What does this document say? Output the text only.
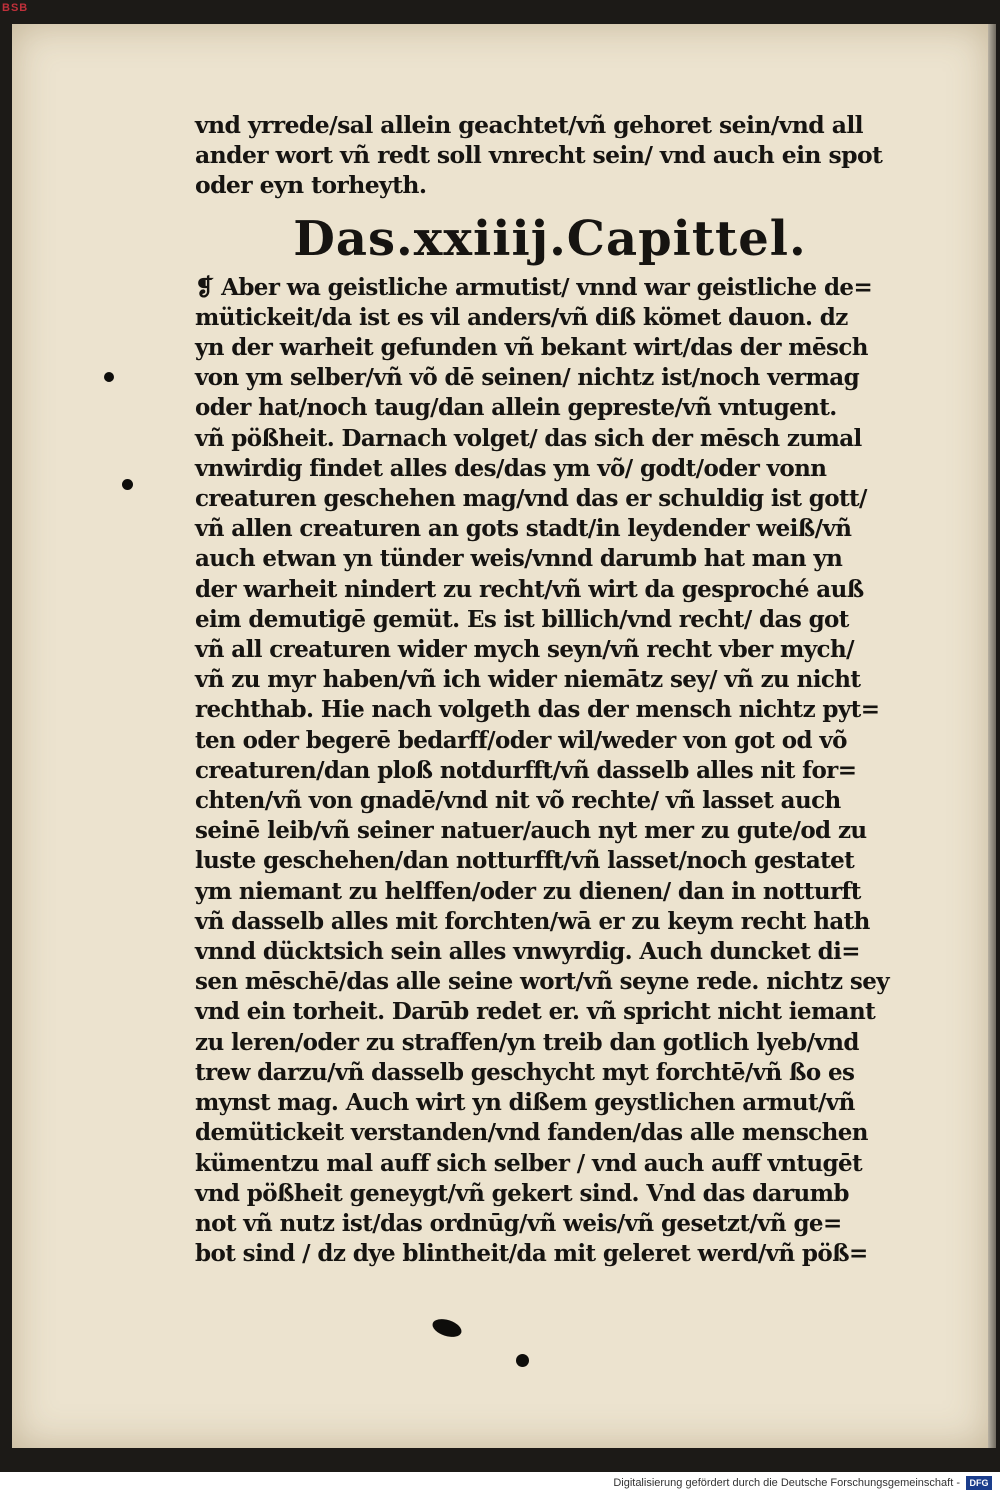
BSB
vnd yrrede/sal allein geachtet/vñ gehoret sein/vnd all
ander wort vñ redt soll vnrecht sein/ vnd auch ein spot
oder eyn torheyth.
Das.xxiiij.Capittel.
❡ Aber wa geistliche armutist/ vnnd war geistliche de=
mütickeit/da ist es vil anders/vñ diß kömet dauon. dz
yn der warheit gefunden vñ bekant wirt/das der mēsch
von ym selber/vñ võ dē seinen/ nichtz ist/noch vermag
oder hat/noch taug/dan allein gepreste/vñ vntugent.
vñ pößheit. Darnach volget/ das sich der mēsch zumal
vnwirdig findet alles des/das ym võ/ godt/oder vonn
creaturen geschehen mag/vnd das er schuldig ist gott/
vñ allen creaturen an gots stadt/in leydender weiß/vñ
auch etwan yn tünder weis/vnnd darumb hat man yn
der warheit nindert zu recht/vñ wirt da gesproché auß
eim demutigē gemüt. Es ist billich/vnd recht/ das got
vñ all creaturen wider mych seyn/vñ recht vber mych/
vñ zu myr haben/vñ ich wider niemātz sey/ vñ zu nicht
rechthab. Hie nach volgeth das der mensch nichtz pyt=
ten oder begerē bedarff/oder wil/weder von got od võ
creaturen/dan ploß notdurfft/vñ dasselb alles nit for=
chten/vñ von gnadē/vnd nit võ rechte/ vñ lasset auch
seinē leib/vñ seiner natuer/auch nyt mer zu gute/od zu
luste geschehen/dan notturfft/vñ lasset/noch gestatet
ym niemant zu helffen/oder zu dienen/ dan in notturft
vñ dasselb alles mit forchten/wā er zu keym recht hath
vnnd dücktsich sein alles vnwyrdig. Auch duncket di=
sen mēschē/das alle seine wort/vñ seyne rede. nichtz sey
vnd ein torheit. Darūb redet er. vñ spricht nicht iemant
zu leren/oder zu straffen/yn treib dan gotlich lyeb/vnd
trew darzu/vñ dasselb geschycht myt forchtē/vñ ßo es
mynst mag. Auch wirt yn dißem geystlichen armut/vñ
demütickeit verstanden/vnd fanden/das alle menschen
kümentzu mal auff sich selber / vnd auch auff vntugēt
vnd pößheit geneygt/vñ gekert sind. Vnd das darumb
not vñ nutz ist/das ordnūg/vñ weis/vñ gesetzt/vñ ge=
bot sind / dz dye blintheit/da mit geleret werd/vñ pöß=
Digitalisierung gefördert durch die Deutsche Forschungsgemeinschaft -	DFG
